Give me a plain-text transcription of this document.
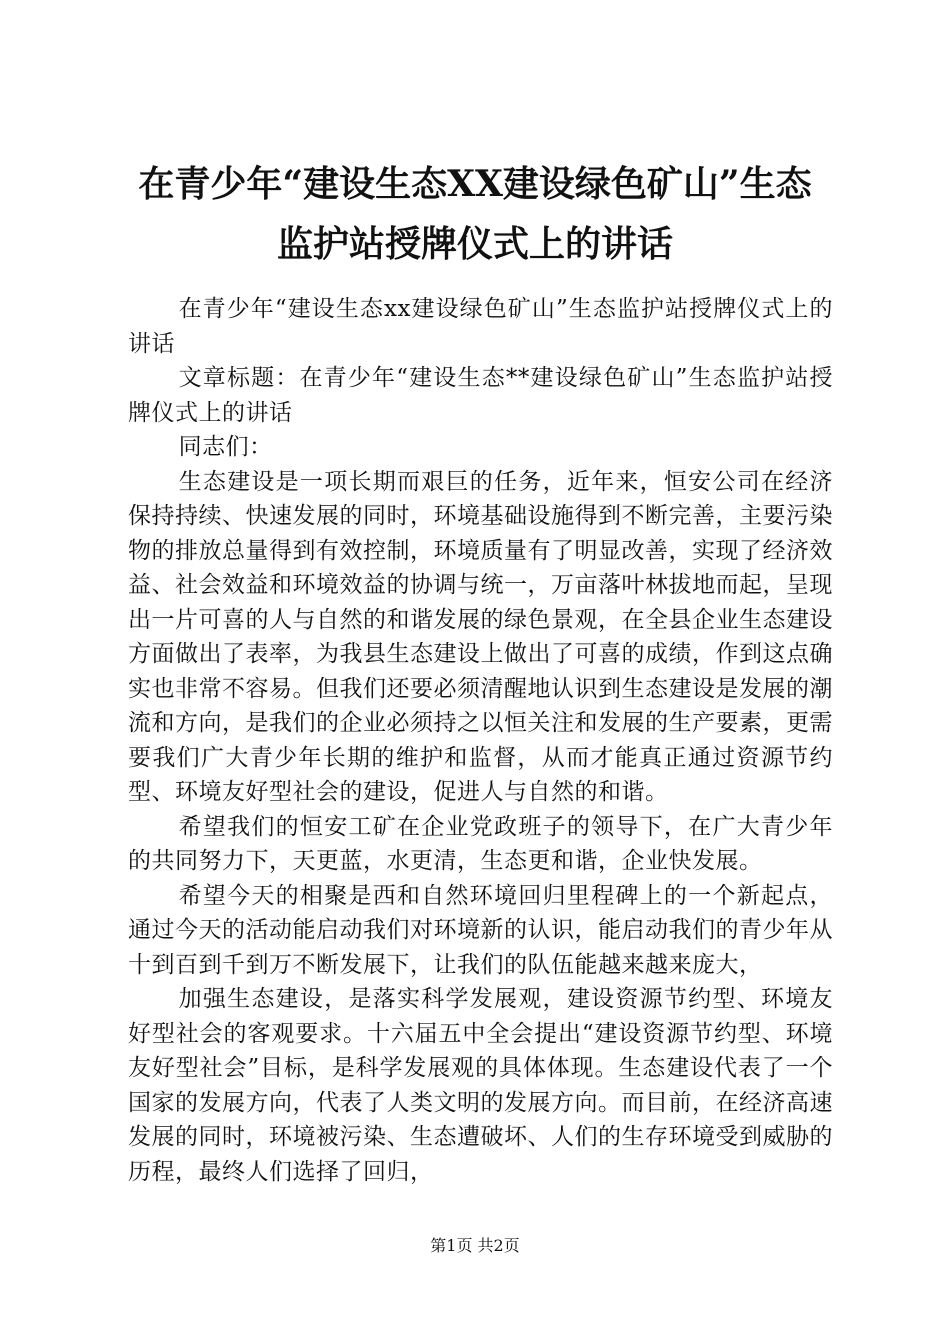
在青少年“建设生态XX建设绿色矿山”生态
监护站授牌仪式上的讲话

在青少年“建设生态xx建设绿色矿山”生态监护站授牌仪式上的讲话

文章标题：在青少年“建设生态**建设绿色矿山”生态监护站授牌仪式上的讲话

同志们：

生态建设是一项长期而艰巨的任务，近年来，恒安公司在经济保持持续、快速发展的同时，环境基础设施得到不断完善，主要污染物的排放总量得到有效控制，环境质量有了明显改善，实现了经济效益、社会效益和环境效益的协调与统一，万亩落叶林拔地而起，呈现出一片可喜的人与自然的和谐发展的绿色景观，在全县企业生态建设方面做出了表率，为我县生态建设上做出了可喜的成绩，作到这点确实也非常不容易。但我们还要必须清醒地认识到生态建设是发展的潮流和方向，是我们的企业必须持之以恒关注和发展的生产要素，更需要我们广大青少年长期的维护和监督，从而才能真正通过资源节约型、环境友好型社会的建设，促进人与自然的和谐。

希望我们的恒安工矿在企业党政班子的领导下，在广大青少年的共同努力下，天更蓝，水更清，生态更和谐，企业快发展。

希望今天的相聚是西和自然环境回归里程碑上的一个新起点，通过今天的活动能启动我们对环境新的认识，能启动我们的青少年从十到百到千到万不断发展下，让我们的队伍能越来越来庞大，

加强生态建设，是落实科学发展观，建设资源节约型、环境友好型社会的客观要求。十六届五中全会提出“建设资源节约型、环境友好型社会”目标，是科学发展观的具体体现。生态建设代表了一个国家的发展方向，代表了人类文明的发展方向。而目前，在经济高速发展的同时，环境被污染、生态遭破坏、人们的生存环境受到威胁的历程，最终人们选择了回归，

第1页 共2页
